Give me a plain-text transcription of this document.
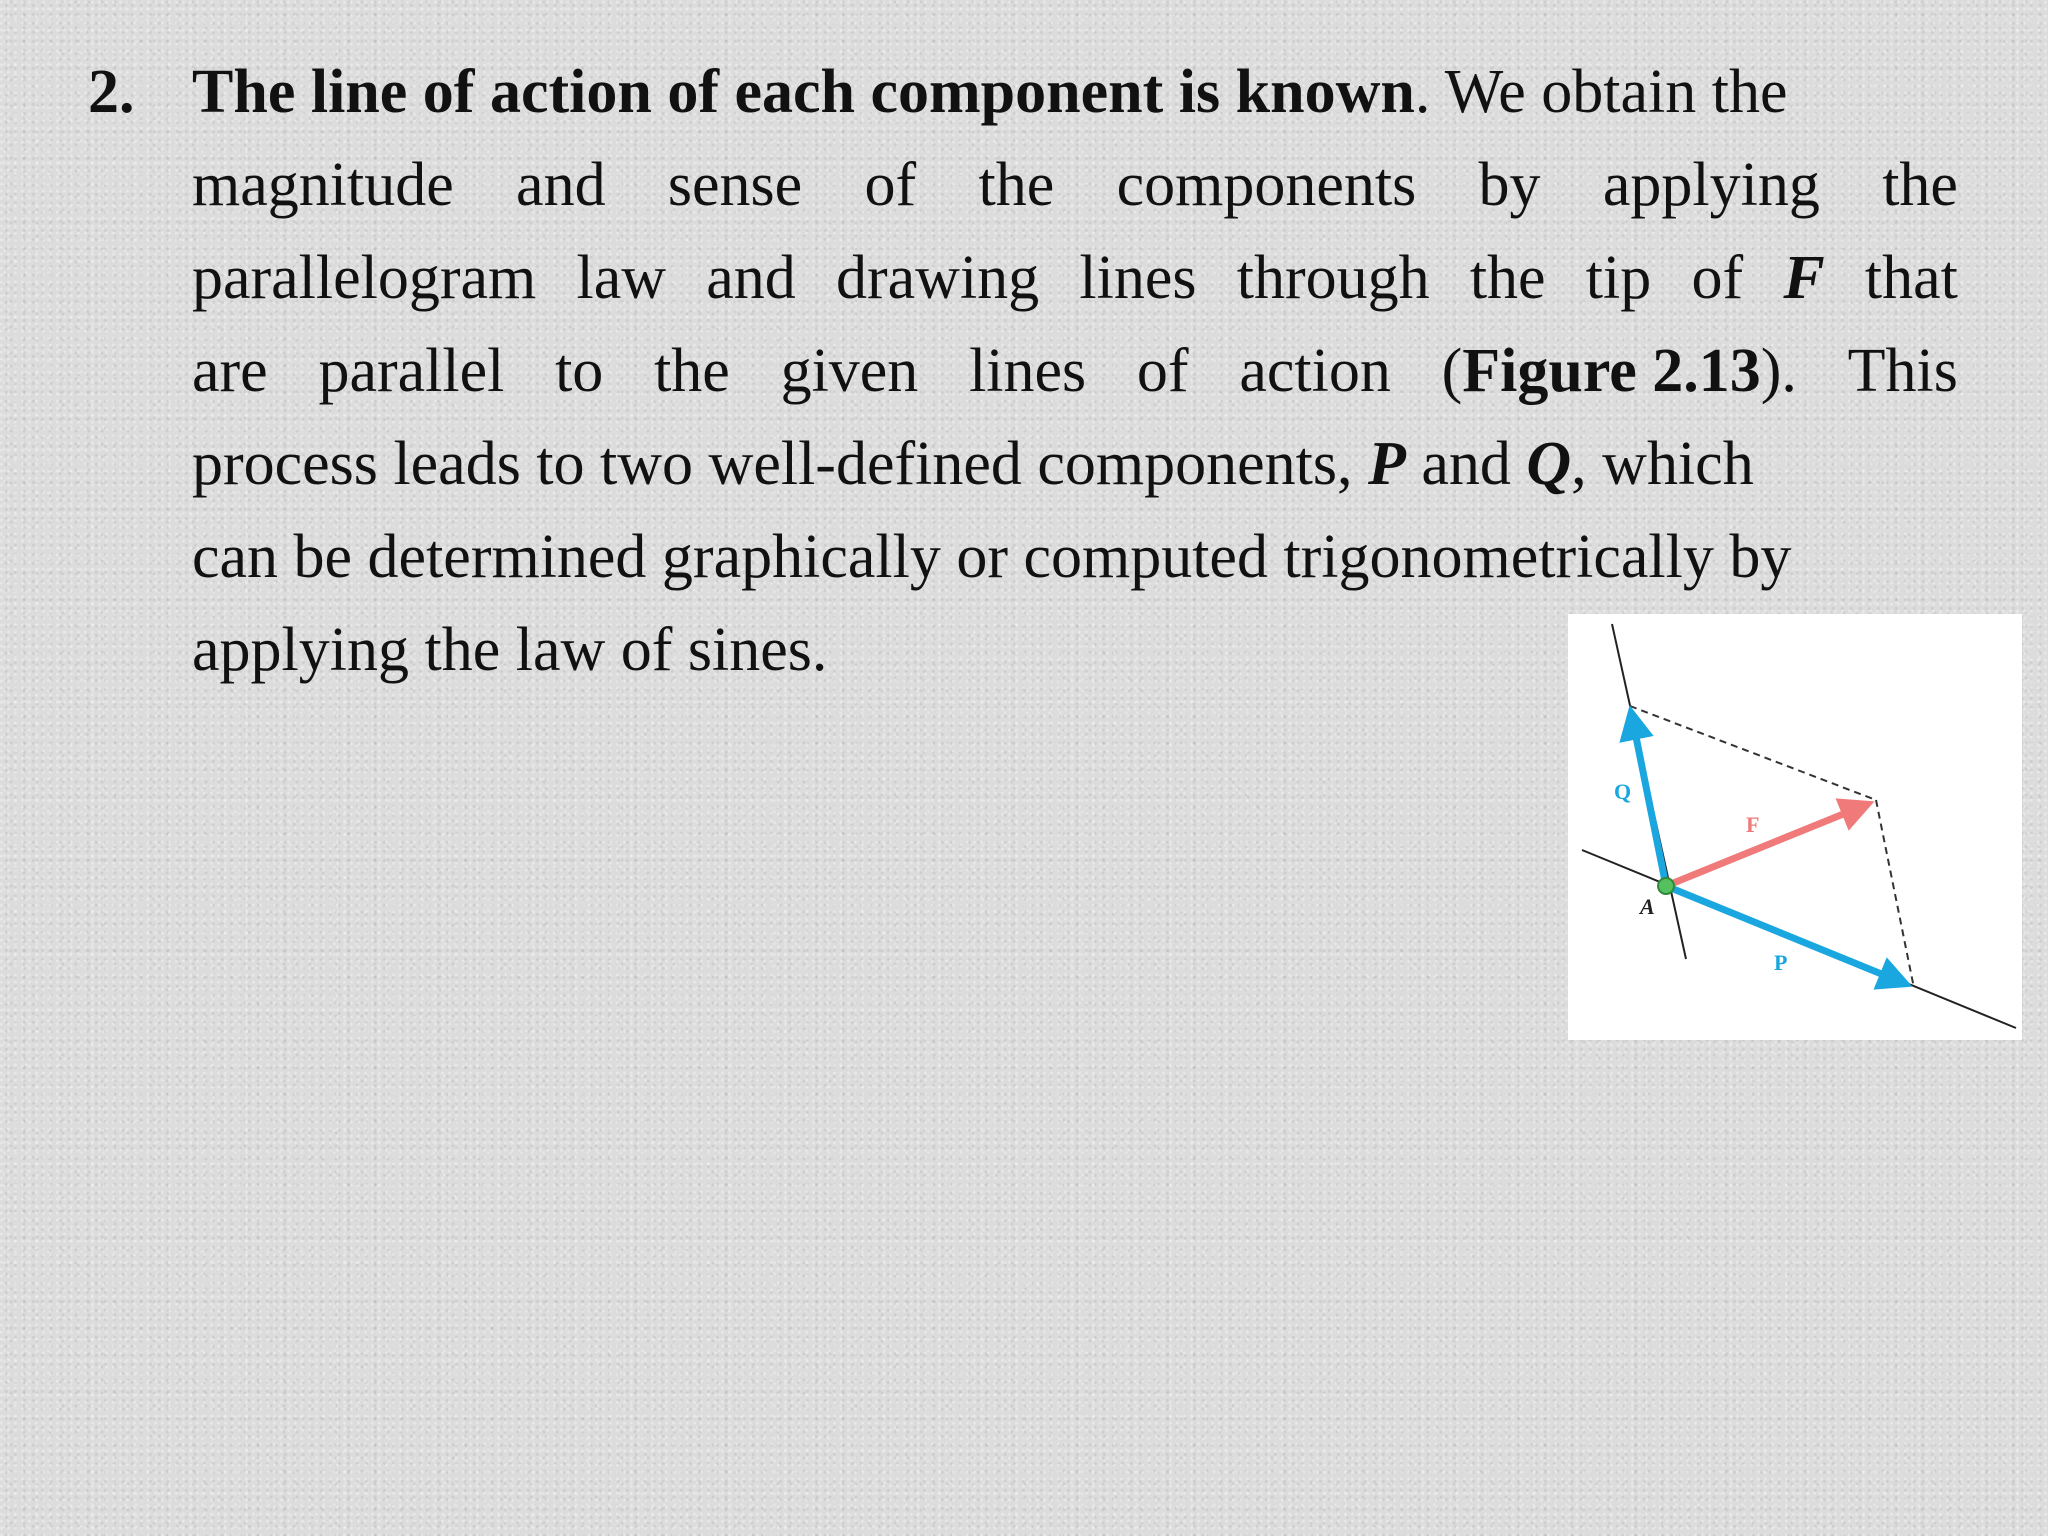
2. The line of action of each component is known. We obtain the
magnitude and sense of the components by applying the
parallelogram law and drawing lines through the tip of F that
are parallel to the given lines of action (Figure 2.13). This
process leads to two well-defined components, P and Q, which
can be determined graphically or computed trigonometrically by
applying the law of sines.
Q
F
A
P
